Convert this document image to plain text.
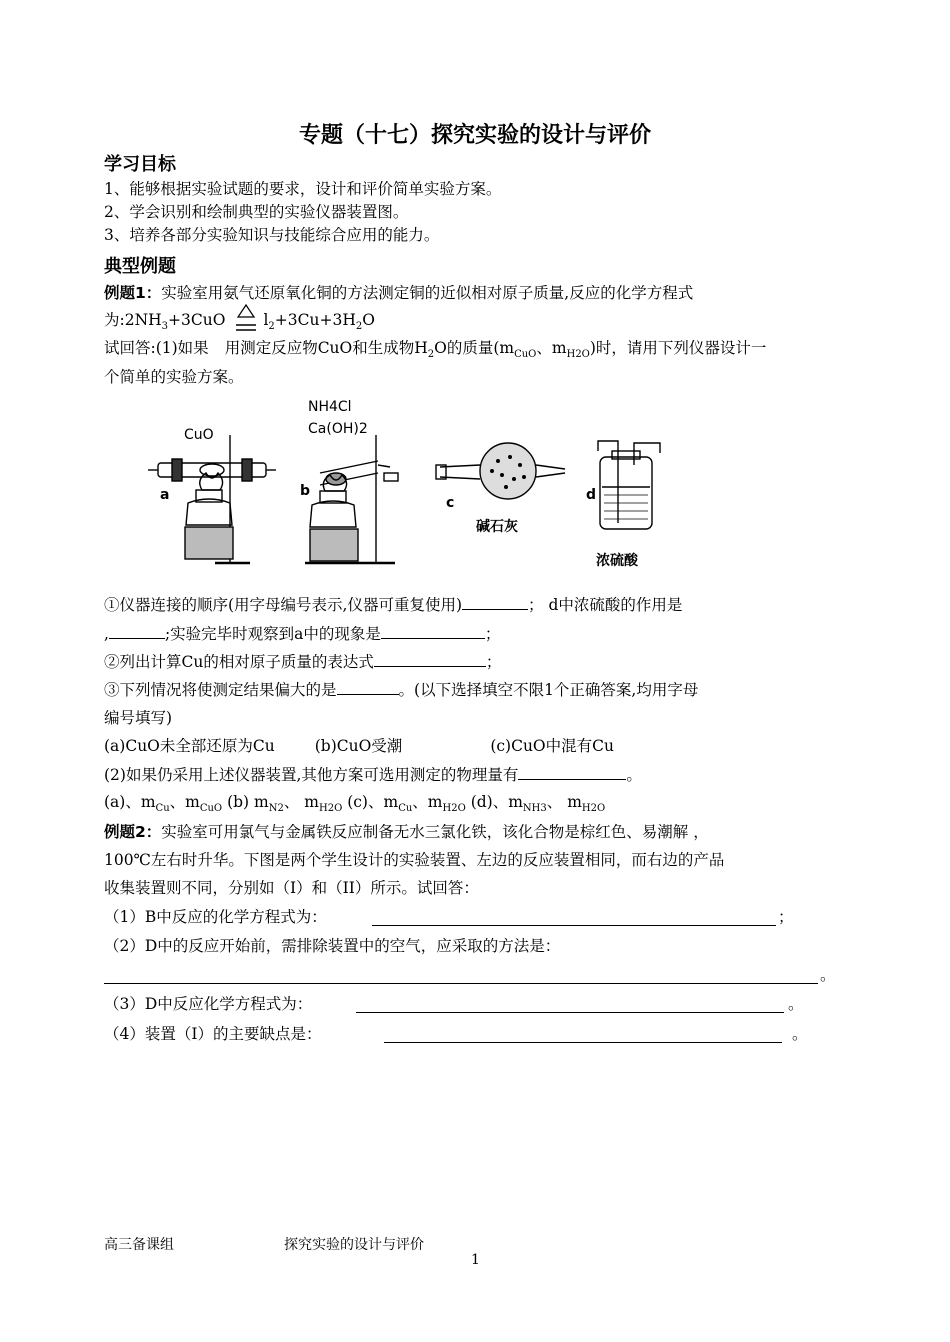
专题（十七）探究实验的设计与评价
学习目标
1、能够根据实验试题的要求，设计和评价简单实验方案。
2、学会识别和绘制典型的实验仪器装置图。
3、培养各部分实验知识与技能综合应用的能力。
典型例题
例题1：实验室用氨气还原氧化铜的方法测定铜的近似相对原子质量,反应的化学方程式
为$:2NH_3+3CuO$ $l_2+3Cu+3H_2O$
试回答:(1)如果 用测定反应物CuO和生成物$H_2O$的质量($m_{CuO}$、$m_{H2O}$)时，请用下列仪器设计一
个简单的实验方案。
CuO
NH4Cl
Ca(OH)2
a	b
c	d
碱石灰
浓硫酸
①仪器连接的顺序(用字母编号表示,仪器可重复使用)	； d中浓硫酸的作用是
,	;实验完毕时观察到a中的现象是	；
②列出计算Cu的相对原子质量的表达式	；
③下列情况将使测定结果偏大的是	。(以下选择填空不限1个正确答案,均用字母
编号填写)
(a)CuO未全部还原为Cu	(b)CuO受潮	(c)CuO中混有Cu
(2)如果仍采用上述仪器装置,其他方案可选用测定的物理量有	。
(a)、$m_{Cu}$、$m_{CuO}$ (b) $m_{N2}$、 $m_{H2O}$ (c)、$m_{Cu}$、$m_{H2O}$ (d)、$m_{NH3}$、 $m_{H2O}$
例题2：实验室可用氯气与金属铁反应制备无水三氯化铁，该化合物是棕红色、易潮解 ，
100℃左右时升华。下图是两个学生设计的实验装置、左边的反应装置相同，而右边的产品
收集装置则不同，分别如（I）和（II）所示。试回答：
（1）B中反应的化学方程式为：	；
（2）D中的反应开始前，需排除装置中的空气，应采取的方法是：
。
（3）D中反应化学方程式为：	。
（4）装置（Ⅰ）的主要缺点是：	。
高三备课组	探究实验的设计与评价
1
